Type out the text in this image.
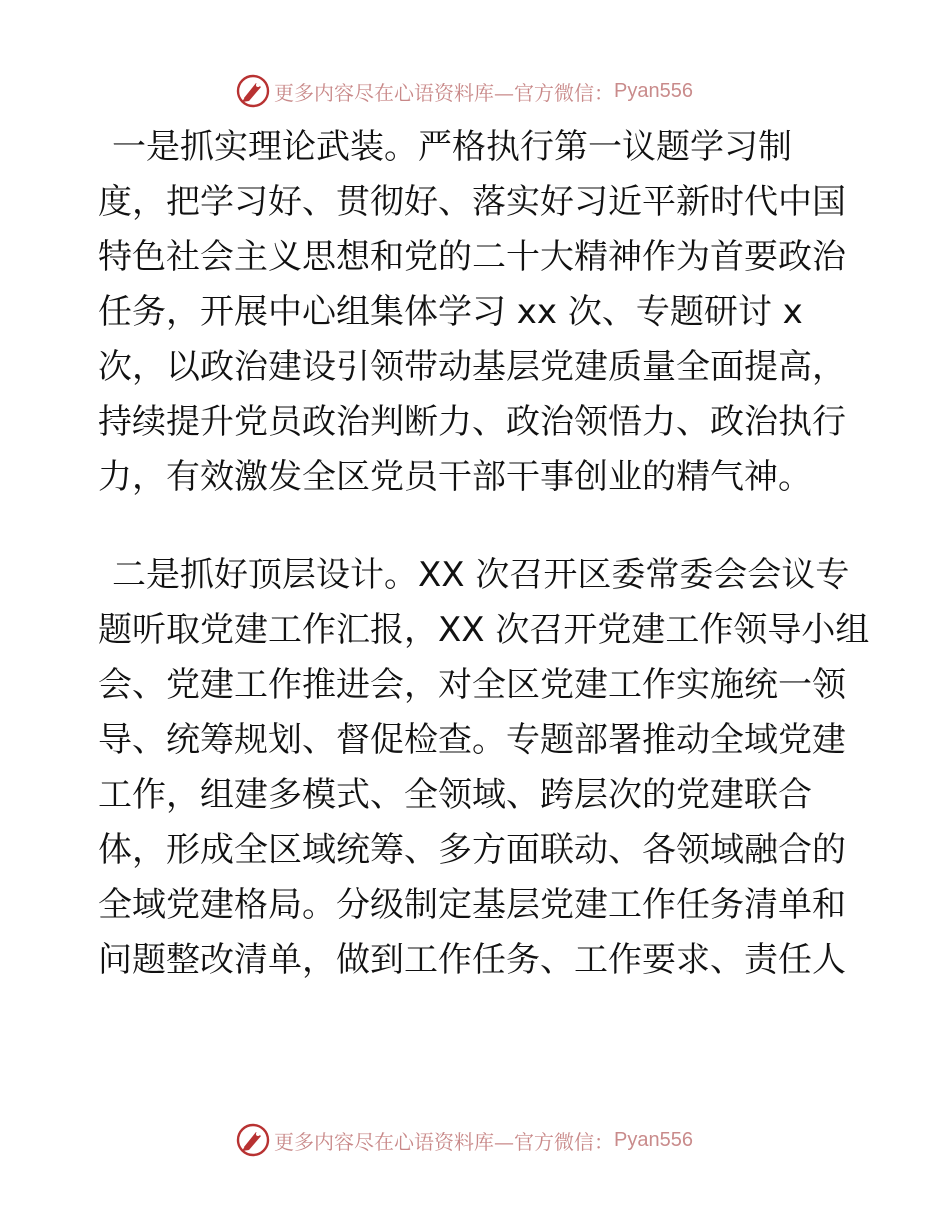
更多内容尽在心语资料库—官方微信： Pyan556
一是抓实理论武装。严格执行第一议题学习制
度，把学习好、贯彻好、落实好习近平新时代中国
特色社会主义思想和党的二十大精神作为首要政治
任务，开展中心组集体学习 xx 次、专题研讨 x
次，以政治建设引领带动基层党建质量全面提高，
持续提升党员政治判断力、政治领悟力、政治执行
力，有效激发全区党员干部干事创业的精气神。
二是抓好顶层设计。XX 次召开区委常委会会议专
题听取党建工作汇报，XX 次召开党建工作领导小组
会、党建工作推进会，对全区党建工作实施统一领
导、统筹规划、督促检查。专题部署推动全域党建
工作，组建多模式、全领域、跨层次的党建联合
体，形成全区域统筹、多方面联动、各领域融合的
全域党建格局。分级制定基层党建工作任务清单和
问题整改清单，做到工作任务、工作要求、责任人
更多内容尽在心语资料库—官方微信： Pyan556
